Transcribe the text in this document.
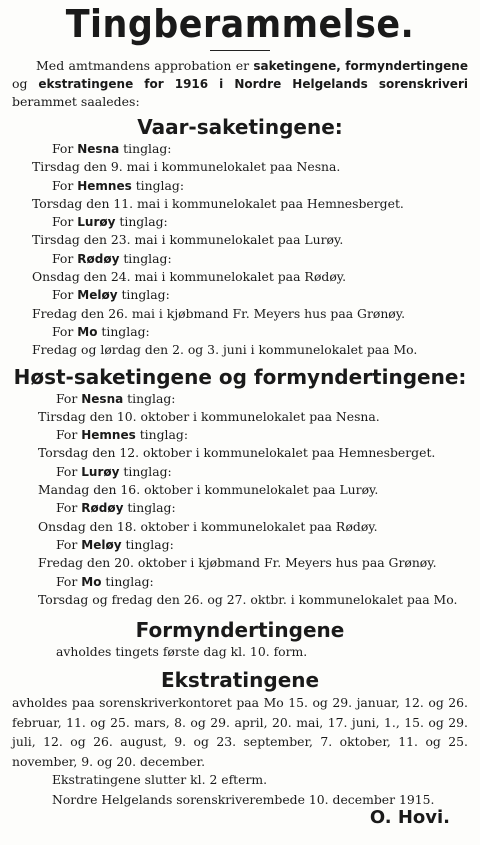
Tingberammelse.

Med amtmandens approbation er saketingene, formyndertingene og ekstratingene for 1916 i Nordre Helgelands sorenskriveri berammet saaledes:

Vaar-saketingene:
For Nesna tinglag:
Tirsdag den 9. mai i kommunelokalet paa Nesna.
For Hemnes tinglag:
Torsdag den 11. mai i kommunelokalet paa Hemnesberget.
For Lurøy tinglag:
Tirsdag den 23. mai i kommunelokalet paa Lurøy.
For Rødøy tinglag:
Onsdag den 24. mai i kommunelokalet paa Rødøy.
For Meløy tinglag:
Fredag den 26. mai i kjøbmand Fr. Meyers hus paa Grønøy.
For Mo tinglag:
Fredag og lørdag den 2. og 3. juni i kommunelokalet paa Mo.
Høst-saketingene og formyndertingene:
For Nesna tinglag:
Tirsdag den 10. oktober i kommunelokalet paa Nesna.
For Hemnes tinglag:
Torsdag den 12. oktober i kommunelokalet paa Hemnesberget.
For Lurøy tinglag:
Mandag den 16. oktober i kommunelokalet paa Lurøy.
For Rødøy tinglag:
Onsdag den 18. oktober i kommunelokalet paa Rødøy.
For Meløy tinglag:
Fredag den 20. oktober i kjøbmand Fr. Meyers hus paa Grønøy.
For Mo tinglag:
Torsdag og fredag den 26. og 27. oktbr. i kommunelokalet paa Mo.
Formyndertingene
avholdes tingets første dag kl. 10. form.
Ekstratingene

avholdes paa sorenskriverkontoret paa Mo 15. og 29. januar, 12. og 26. februar, 11. og 25. mars, 8. og 29. april, 20. mai, 17. juni, 1., 15. og 29. juli, 12. og 26. august, 9. og 23. september, 7. oktober, 11. og 25. november, 9. og 20. december.

Ekstratingene slutter kl. 2 efterm.
Nordre Helgelands sorenskriverembede 10. december 1915.
O. Hovi.
